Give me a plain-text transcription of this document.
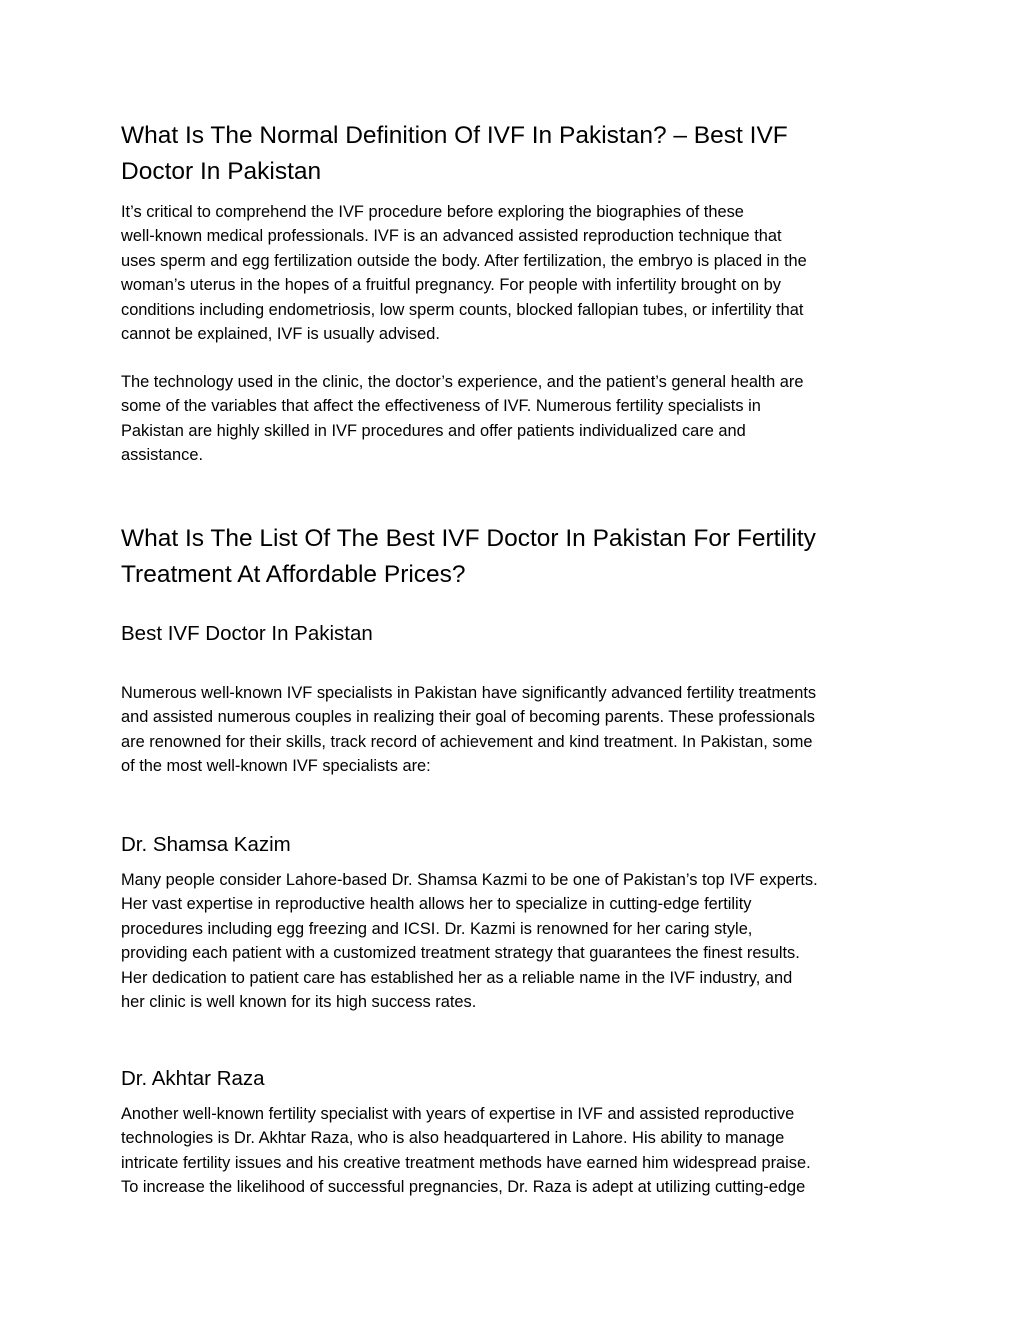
What Is The Normal Definition Of IVF In Pakistan? – Best IVF
Doctor In Pakistan

It’s critical to comprehend the IVF procedure before exploring the biographies of these
well-known medical professionals. IVF is an advanced assisted reproduction technique that
uses sperm and egg fertilization outside the body. After fertilization, the embryo is placed in the
woman’s uterus in the hopes of a fruitful pregnancy. For people with infertility brought on by
conditions including endometriosis, low sperm counts, blocked fallopian tubes, or infertility that
cannot be explained, IVF is usually advised.

The technology used in the clinic, the doctor’s experience, and the patient’s general health are
some of the variables that affect the effectiveness of IVF. Numerous fertility specialists in
Pakistan are highly skilled in IVF procedures and offer patients individualized care and
assistance.

What Is The List Of The Best IVF Doctor In Pakistan For Fertility
Treatment At Affordable Prices?
Best IVF Doctor In Pakistan

Numerous well-known IVF specialists in Pakistan have significantly advanced fertility treatments
and assisted numerous couples in realizing their goal of becoming parents. These professionals
are renowned for their skills, track record of achievement and kind treatment. In Pakistan, some
of the most well-known IVF specialists are:

Dr. Shamsa Kazim

Many people consider Lahore-based Dr. Shamsa Kazmi to be one of Pakistan’s top IVF experts.
Her vast expertise in reproductive health allows her to specialize in cutting-edge fertility
procedures including egg freezing and ICSI. Dr. Kazmi is renowned for her caring style,
providing each patient with a customized treatment strategy that guarantees the finest results.
Her dedication to patient care has established her as a reliable name in the IVF industry, and
her clinic is well known for its high success rates.

Dr. Akhtar Raza

Another well-known fertility specialist with years of expertise in IVF and assisted reproductive
technologies is Dr. Akhtar Raza, who is also headquartered in Lahore. His ability to manage
intricate fertility issues and his creative treatment methods have earned him widespread praise.
To increase the likelihood of successful pregnancies, Dr. Raza is adept at utilizing cutting-edge
